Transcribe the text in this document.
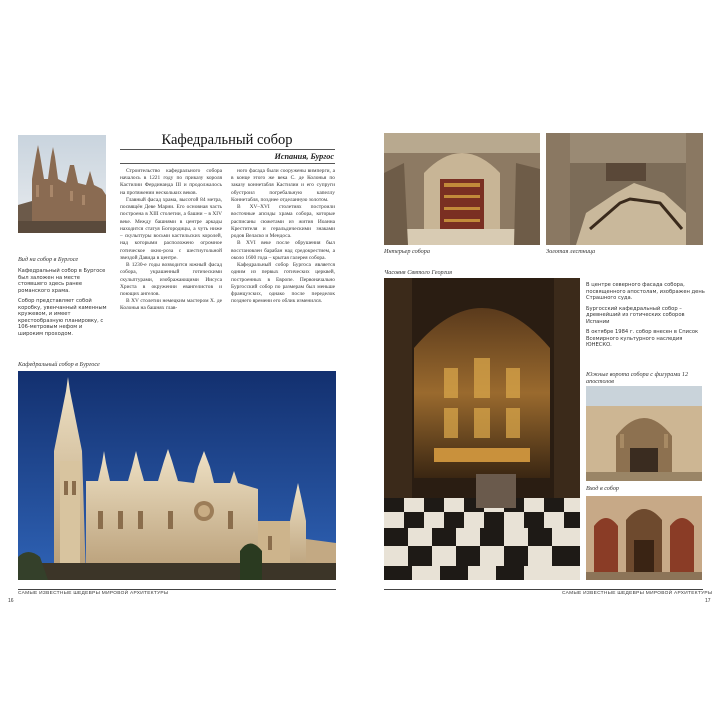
Вид на собор в Бургосе

Кафедральный собор в Бургосе был заложен на месте стоявшего здесь ранее романского храма.

Собор представляет собой коробку, увенчанный каменным кружевом, и имеет крестообразную планировку, с 106-метровым нефом и широким проходом.

Кафедральный собор
Испания, Бургос

Строительство кафедрального собора началось в 1221 году по приказу короля Кастилии Фердинанда III и продолжалось на протяжении нескольких веков.

Главный фасад храма, высотой 84 метра, посвящён Деве Марии. Его основная часть построена в XIII столетии, а башни – в XIV веке. Между башнями в центре аркады находится статуя Богородицы, а чуть ниже – скульптуры восьми кастильских королей, над которыми расположено огромное готическое окно-роза с шестиугольной звездой Давида в центре.

В 1230-е годы возводится южный фасад собора, украшенный готическими скульптурами, изображающими Иисуса Христа в окружении евангелистов и поющих ангелов.

В XV столетии немецким мастером X. де Колонья на башнях глав-

ного фасада были сооружены вимперги, а в конце этого же века С. де Колонья по заказу коннетабля Кастилии и его супруги обустроил погребальную капеллу Коннетабля, позднее отделанную золотом.

В XV–XVI столетиях построили восточные апсиды храма собора, которые расписаны сюжетами из жития Иоанна Крестителя и геральдическими знаками родов Веласко и Мендоса.

В XVI веке после обрушения был восстановлен барабан над средокрестием, а около 1600 года – крытая галерея собора.

Кафедральный собор Бургоса является одним из первых готических церквей, построенных в Европе. Первоначально Бургосский собор по размерам был меньше французских, однако после переделок позднего времени его облик изменился.

Кафедральный собор в Бургосе
САМЫЕ ИЗВЕСТНЫЕ ШЕДЕВРЫ МИРОВОЙ АРХИТЕКТУРЫ
16
Интерьер собора	Золотая лестница
Часовня Святого Георгия

В центре северного фасада собора, посвященного апостолам, изображен день Страшного суда.

Бургосский кафедральный собор – древнейший из готических соборов Испании

В октябре 1984 г. собор внесен в Список Всемирного культурного наследия ЮНЕСКО.

Южные ворота собора с фигурами 12 апостолов
Вход в собор
САМЫЕ ИЗВЕСТНЫЕ ШЕДЕВРЫ МИРОВОЙ АРХИТЕКТУРЫ
17
